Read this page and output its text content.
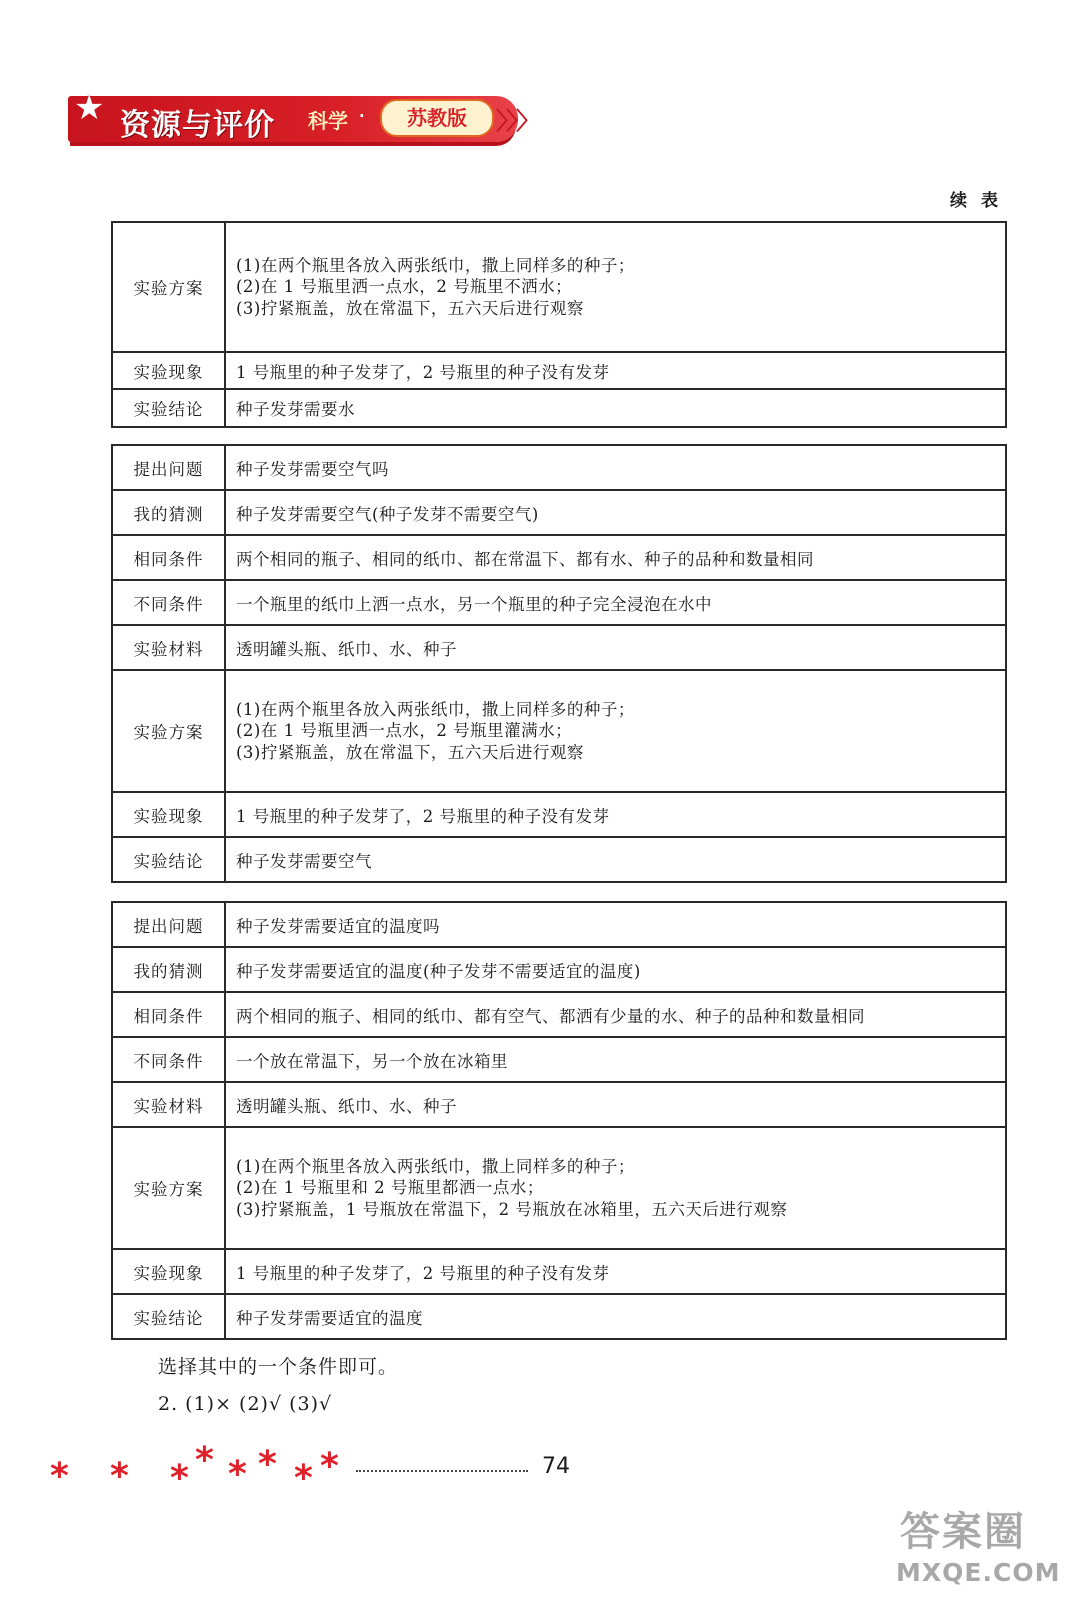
★ 资源与评价 科学 ·	苏教版	〉〉〉
续表
实验方案	(1)在两个瓶里各放入两张纸巾，撒上同样多的种子；
(2)在 1 号瓶里洒一点水，2 号瓶里不洒水；
(3)拧紧瓶盖，放在常温下，五六天后进行观察

实验现象	1 号瓶里的种子发芽了，2 号瓶里的种子没有发芽
实验结论	种子发芽需要水
提出问题	种子发芽需要空气吗
我的猜测	种子发芽需要空气(种子发芽不需要空气)
相同条件	两个相同的瓶子、相同的纸巾、都在常温下、都有水、种子的品种和数量相同
不同条件	一个瓶里的纸巾上洒一点水，另一个瓶里的种子完全浸泡在水中
实验材料	透明罐头瓶、纸巾、水、种子
实验方案	(1)在两个瓶里各放入两张纸巾，撒上同样多的种子；
(2)在 1 号瓶里洒一点水，2 号瓶里灌满水；
(3)拧紧瓶盖，放在常温下，五六天后进行观察

实验现象	1 号瓶里的种子发芽了，2 号瓶里的种子没有发芽
实验结论	种子发芽需要空气
提出问题	种子发芽需要适宜的温度吗
我的猜测	种子发芽需要适宜的温度(种子发芽不需要适宜的温度)
相同条件	两个相同的瓶子、相同的纸巾、都有空气、都洒有少量的水、种子的品种和数量相同
不同条件	一个放在常温下，另一个放在冰箱里
实验材料	透明罐头瓶、纸巾、水、种子
实验方案	(1)在两个瓶里各放入两张纸巾，撒上同样多的种子；
(2)在 1 号瓶里和 2 号瓶里都洒一点水；
(3)拧紧瓶盖，1 号瓶放在常温下，2 号瓶放在冰箱里，五六天后进行观察

实验现象	1 号瓶里的种子发芽了，2 号瓶里的种子没有发芽
实验结论	种子发芽需要适宜的温度
选择其中的一个条件即可。
2. (1)× (2)√ (3)√
* * * * * * * *	74
答案圈
MXQE.COM
